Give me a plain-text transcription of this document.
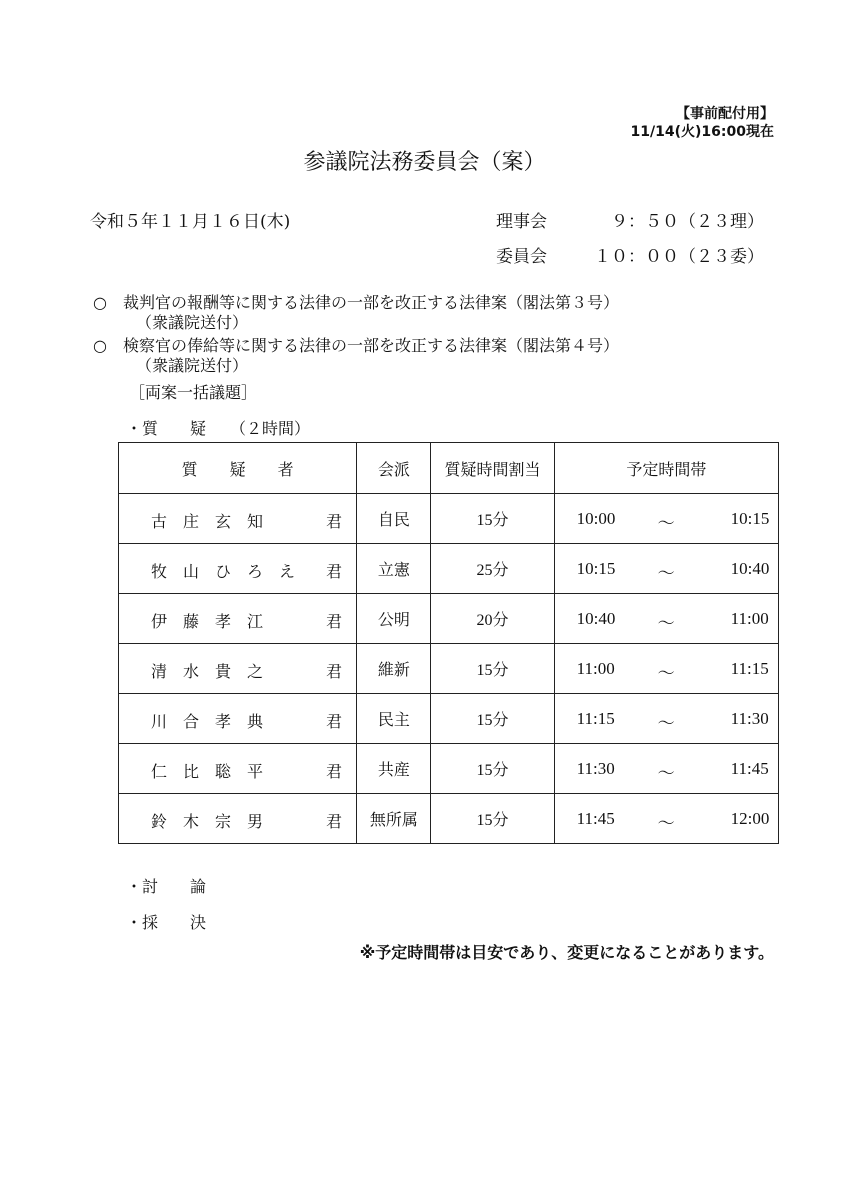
【事前配付用】
11/14(火)16:00現在
参議院法務委員会（案）
令和５年１１月１６日(木)	理事会	９：５０（２３理）
委員会	１０：００（２３委）
○　裁判官の報酬等に関する法律の一部を改正する法律案（閣法第３号）
（衆議院送付）
○　検察官の俸給等に関する法律の一部を改正する法律案（閣法第４号）
（衆議院送付）
［両案一括議題］
・質　　疑　　（２時間）
質　　疑　　者	会派	質疑時間割当	予定時間帯

古庄玄知 君	自民	15分	10:00 ～ 10:15

牧山ひろえ 君	立憲	25分	10:15 ～ 10:40

伊藤孝江 君	公明	20分	10:40 ～ 11:00

清水貴之 君	維新	15分	11:00 ～ 11:15

川合孝典 君	民主	15分	11:15 ～ 11:30

仁比聡平 君	共産	15分	11:30 ～ 11:45

鈴木宗男 君	無所属	15分	11:45 ～ 12:00
・討　　論
・採　　決
※予定時間帯は目安であり、変更になることがあります。
